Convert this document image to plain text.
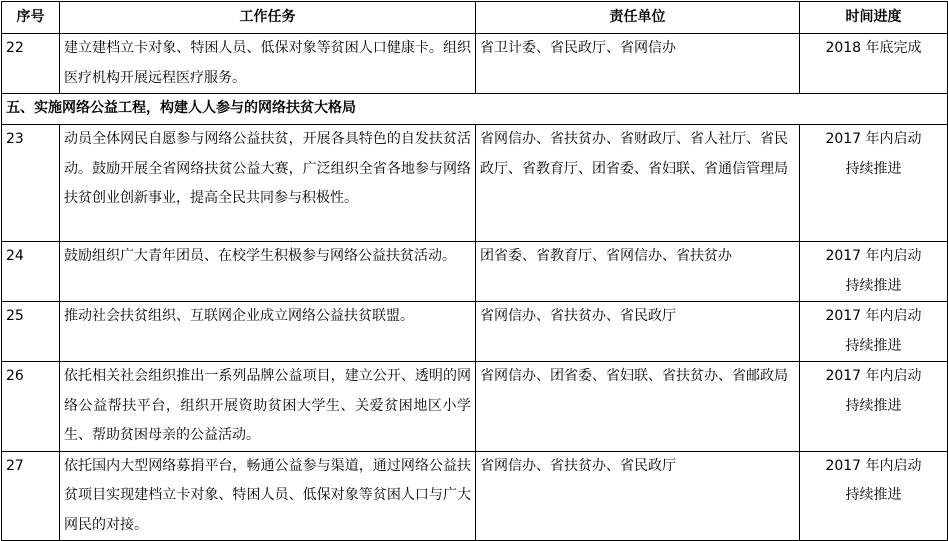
序号	工作任务	责任单位	时间进度
22	建立建档立卡对象、特困人员、低保对象等贫困人口健康卡。组织医疗机构开展远程医疗服务。	省卫计委、省民政厅、省网信办	2018 年底完成

五、实施网络公益工程，构建人人参与的网络扶贫大格局			
23	动员全体网民自愿参与网络公益扶贫，开展各具特色的自发扶贫活动。鼓励开展全省网络扶贫公益大赛，广泛组织全省各地参与网络扶贫创业创新事业，提高全民共同参与积极性。	省网信办、省扶贫办、省财政厅、省人社厅、省民政厅、省教育厅、团省委、省妇联、省通信管理局	2017 年内启动
持续推进

24	鼓励组织广大青年团员、在校学生积极参与网络公益扶贫活动。	团省委、省教育厅、省网信办、省扶贫办	2017 年内启动
持续推进

25	推动社会扶贫组织、互联网企业成立网络公益扶贫联盟。	省网信办、省扶贫办、省民政厅	2017 年内启动
持续推进

26	依托相关社会组织推出一系列品牌公益项目，建立公开、透明的网络公益帮扶平台，组织开展资助贫困大学生、关爱贫困地区小学生、帮助贫困母亲的公益活动。	省网信办、团省委、省妇联、省扶贫办、省邮政局	2017 年内启动
持续推进

27	依托国内大型网络募捐平台，畅通公益参与渠道，通过网络公益扶贫项目实现建档立卡对象、特困人员、低保对象等贫困人口与广大网民的对接。	省网信办、省扶贫办、省民政厅	2017 年内启动
持续推进
